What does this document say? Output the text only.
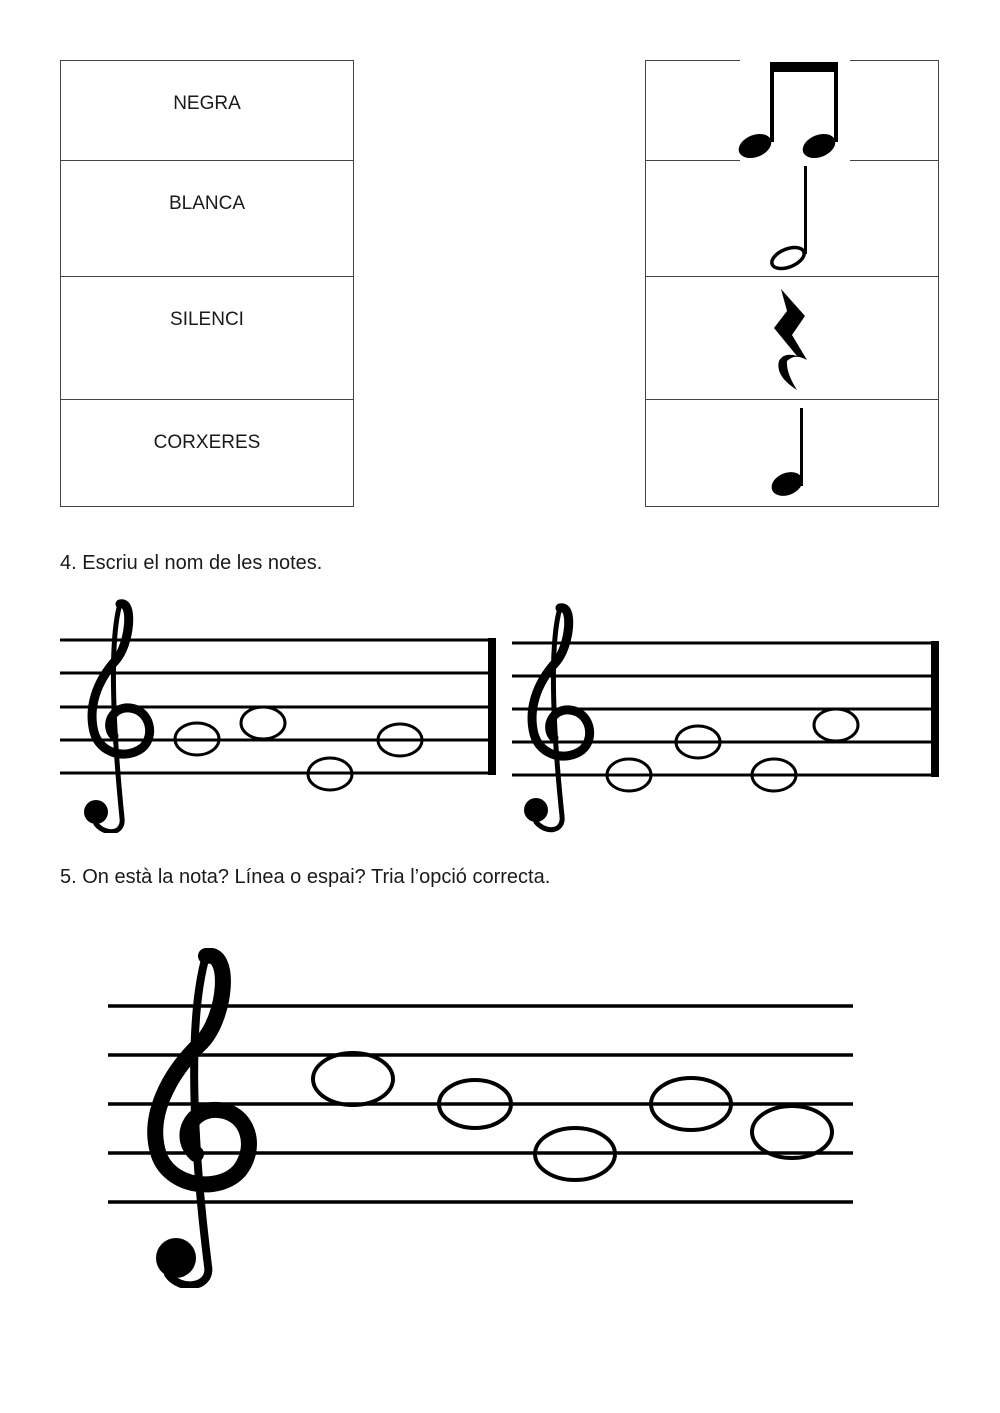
NEGRA

BLANCA

SILENCI

CORXERES

4. Escriu el nom de les notes.

5. On està la nota? Línea o espai? Tria l’opció correcta.
